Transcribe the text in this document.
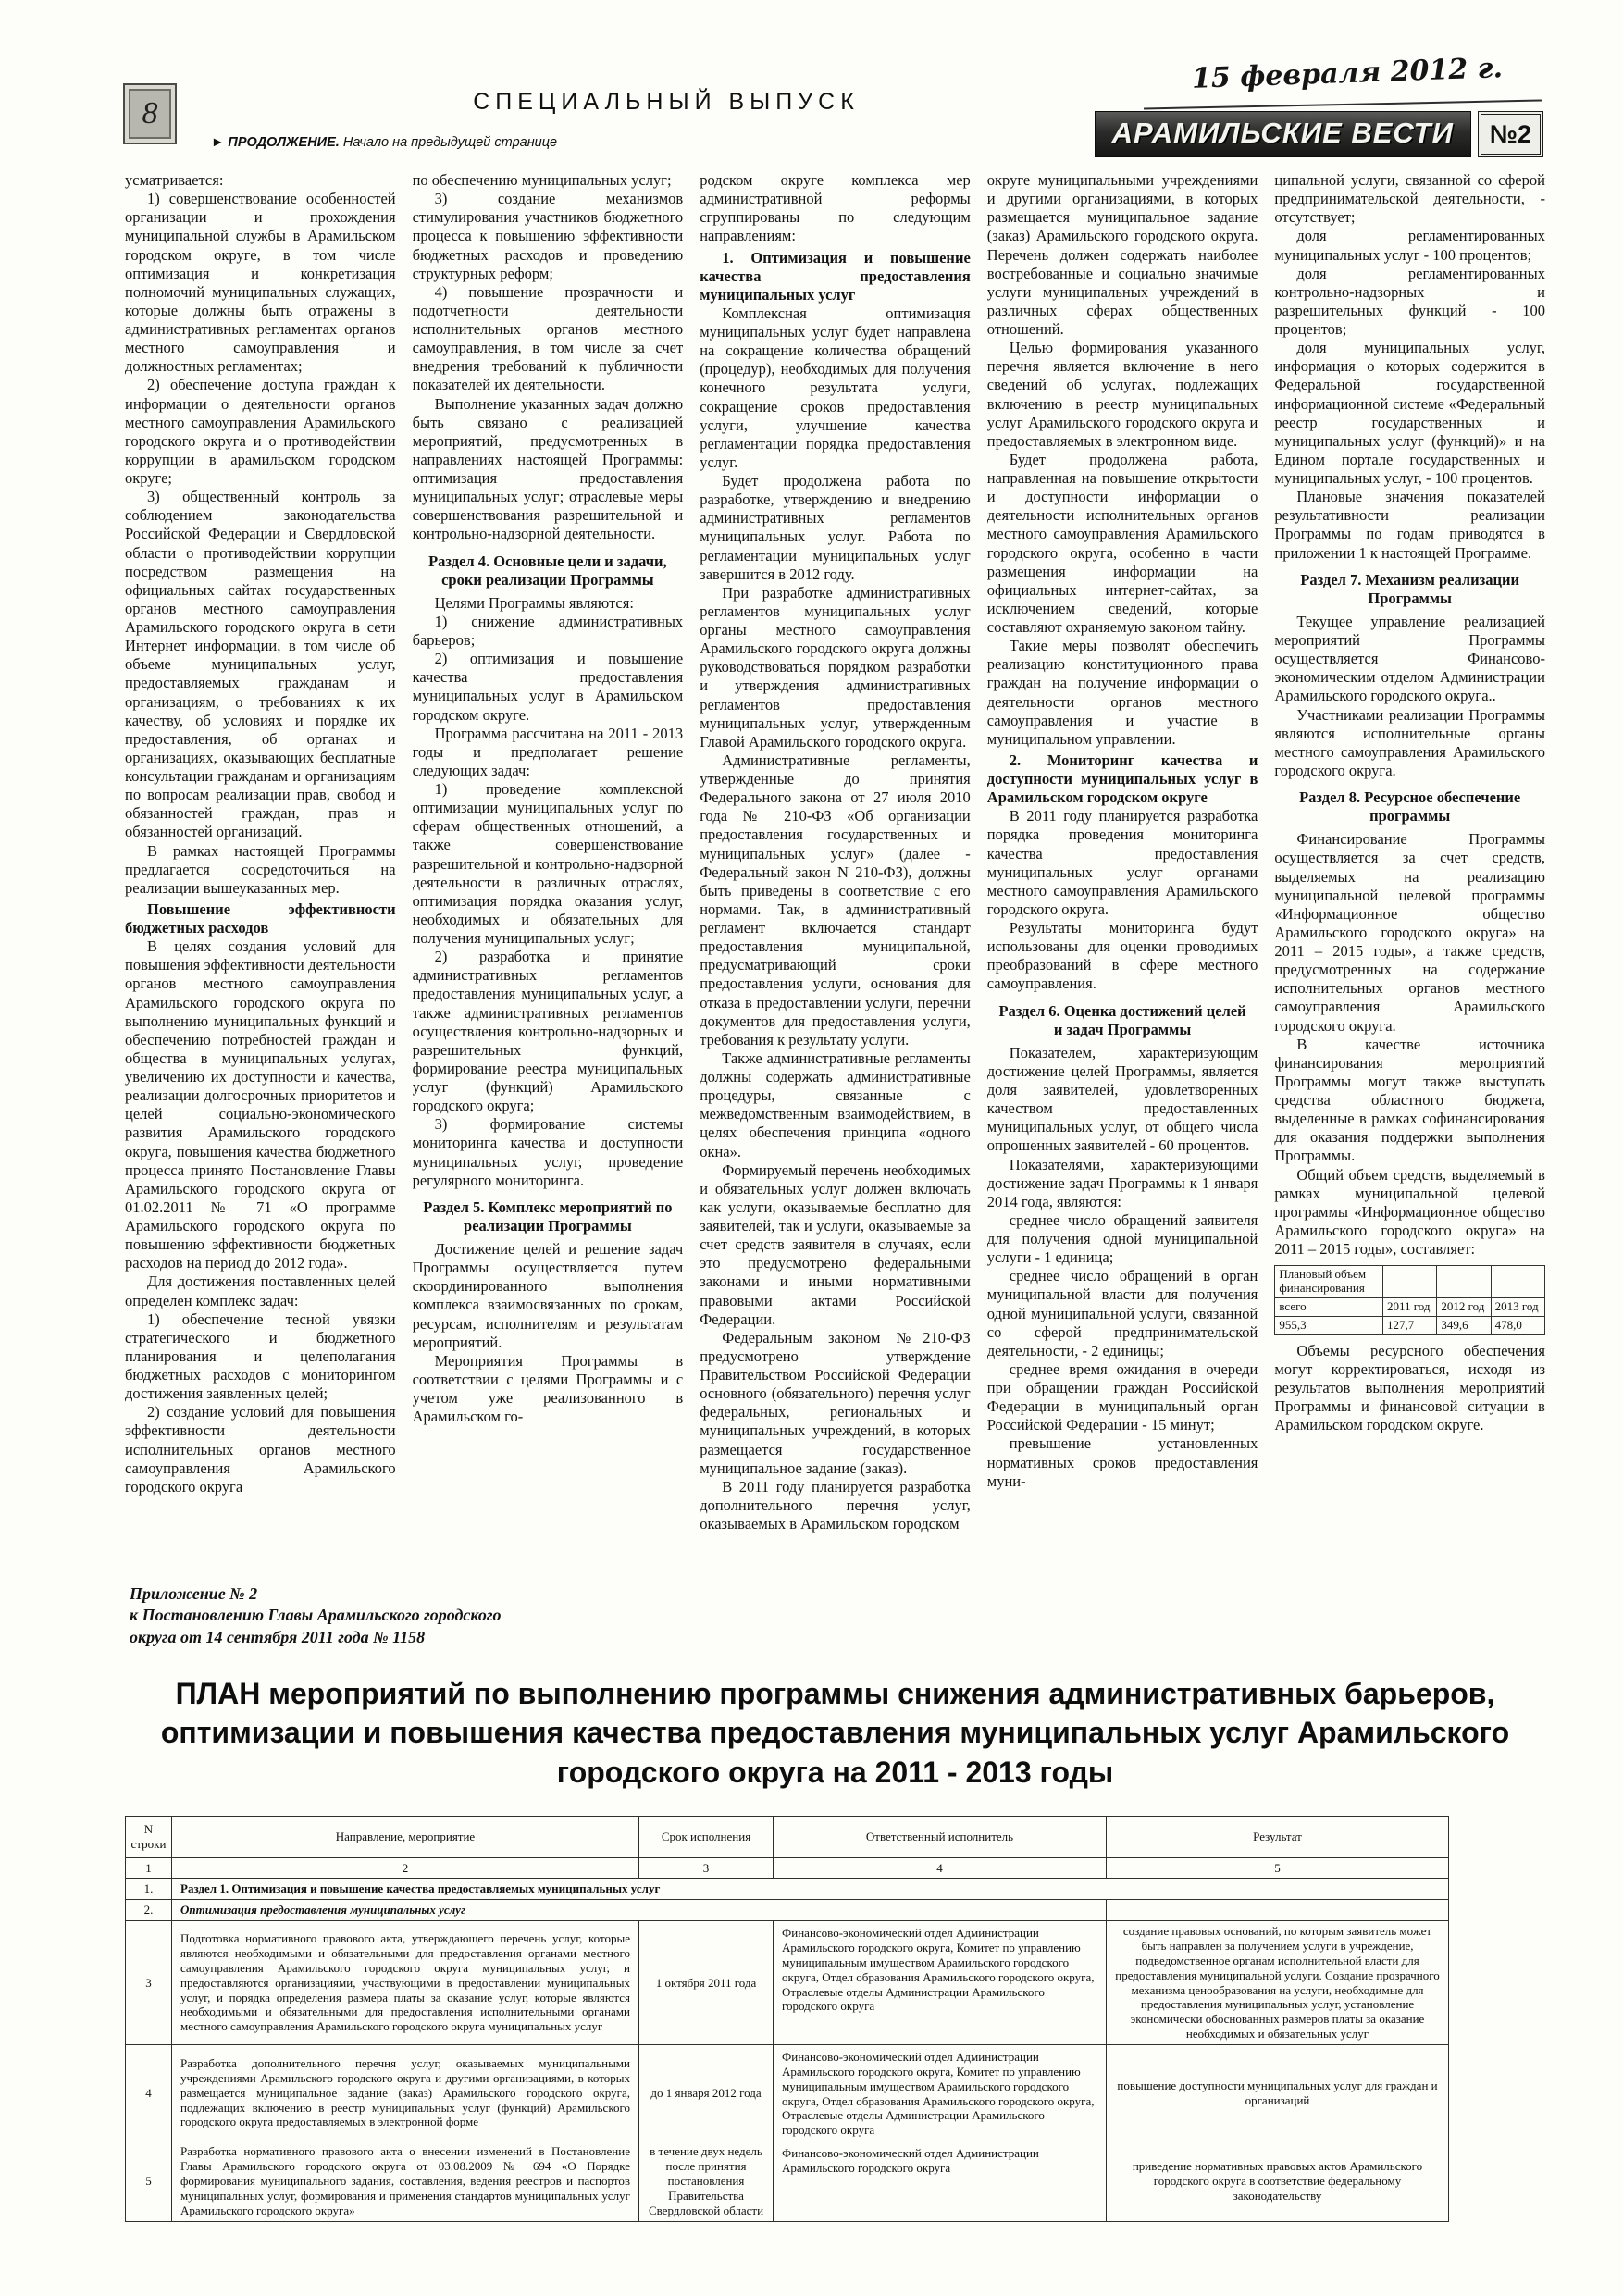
8	СПЕЦИАЛЬНЫЙ ВЫПУСК
► ПРОДОЛЖЕНИЕ. Начало на предыдущей странице
15 февраля 2012 г.
АРАМИЛЬСКИЕ ВЕСТИ	№2

усматривается:

1) совершенствование особенностей организации и прохождения муниципальной службы в Арамильском городском округе, в том числе оптимизация и конкретизация полномочий муниципальных служащих, которые должны быть отражены в административных регламентах органов местного самоуправления и должностных регламентах;

2) обеспечение доступа граждан к информации о деятельности органов местного самоуправления Арамильского городского округа и о противодействии коррупции в арамильском городском округе;

3) общественный контроль за соблюдением законодательства Российской Федерации и Свердловской области о противодействии коррупции посредством размещения на официальных сайтах государственных органов местного самоуправления Арамильского городского округа в сети Интернет информации, в том числе об объеме муниципальных услуг, предоставляемых гражданам и организациям, о требованиях к их качеству, об условиях и порядке их предоставления, об органах и организациях, оказывающих бесплатные консультации гражданам и организациям по вопросам реализации прав, свобод и обязанностей граждан, прав и обязанностей организаций.

В рамках настоящей Программы предлагается сосредоточиться на реализации вышеуказанных мер.

Повышение эффективности бюджетных расходов

В целях создания условий для повышения эффективности деятельности органов местного самоуправления Арамильского городского округа по выполнению муниципальных функций и обеспечению потребностей граждан и общества в муниципальных услугах, увеличению их доступности и качества, реализации долгосрочных приоритетов и целей социально-экономического развития Арамильского городского округа, повышения качества бюджетного процесса принято Постановление Главы Арамильского городского округа от 01.02.2011 № 71 «О программе Арамильского городского округа по повышению эффективности бюджетных расходов на период до 2012 года».

Для достижения поставленных целей определен комплекс задач:

1) обеспечение тесной увязки стратегического и бюджетного планирования и целеполагания бюджетных расходов с мониторингом достижения заявленных целей;

2) создание условий для повышения эффективности деятельности исполнительных органов местного самоуправления Арамильского городского округа

по обеспечению муниципальных услуг;

3) создание механизмов стимулирования участников бюджетного процесса к повышению эффективности бюджетных расходов и проведению структурных реформ;

4) повышение прозрачности и подотчетности деятельности исполнительных органов местного самоуправления, в том числе за счет внедрения требований к публичности показателей их деятельности.

Выполнение указанных задач должно быть связано с реализацией мероприятий, предусмотренных в направлениях настоящей Программы: оптимизация предоставления муниципальных услуг; отраслевые меры совершенствования разрешительной и контрольно-надзорной деятельности.

Раздел 4. Основные цели и задачи, сроки реализации Программы

Целями Программы являются:

1) снижение административных барьеров;

2) оптимизация и повышение качества предоставления муниципальных услуг в Арамильском городском округе.

Программа рассчитана на 2011 - 2013 годы и предполагает решение следующих задач:

1) проведение комплексной оптимизации муниципальных услуг по сферам общественных отношений, а также совершенствование разрешительной и контрольно-надзорной деятельности в различных отраслях, оптимизация порядка оказания услуг, необходимых и обязательных для получения муниципальных услуг;

2) разработка и принятие административных регламентов предоставления муниципальных услуг, а также административных регламентов осуществления контрольно-надзорных и разрешительных функций, формирование реестра муниципальных услуг (функций) Арамильского городского округа;

3) формирование системы мониторинга качества и доступности муниципальных услуг, проведение регулярного мониторинга.

Раздел 5. Комплекс мероприятий по реализации Программы

Достижение целей и решение задач Программы осуществляется путем скоординированного выполнения комплекса взаимосвязанных по срокам, ресурсам, исполнителям и результатам мероприятий.

Мероприятия Программы в соответствии с целями Программы и с учетом уже реализованного в Арамильском го-

родском округе комплекса мер административной реформы сгруппированы по следующим направлениям:

1. Оптимизация и повышение качества предоставления муниципальных услуг

Комплексная оптимизация муниципальных услуг будет направлена на сокращение количества обращений (процедур), необходимых для получения конечного результата услуги, сокращение сроков предоставления услуги, улучшение качества регламентации порядка предоставления услуг.

Будет продолжена работа по разработке, утверждению и внедрению административных регламентов муниципальных услуг. Работа по регламентации муниципальных услуг завершится в 2012 году.

При разработке административных регламентов муниципальных услуг органы местного самоуправления Арамильского городского округа должны руководствоваться порядком разработки и утверждения административных регламентов предоставления муниципальных услуг, утвержденным Главой Арамильского городского округа.

Административные регламенты, утвержденные до принятия Федерального закона от 27 июля 2010 года № 210-ФЗ «Об организации предоставления государственных и муниципальных услуг» (далее - Федеральный закон N 210-ФЗ), должны быть приведены в соответствие с его нормами. Так, в административный регламент включается стандарт предоставления муниципальной, предусматривающий сроки предоставления услуги, основания для отказа в предоставлении услуги, перечни документов для предоставления услуги, требования к результату услуги.

Также административные регламенты должны содержать административные процедуры, связанные с межведомственным взаимодействием, в целях обеспечения принципа «одного окна».

Формируемый перечень необходимых и обязательных услуг должен включать как услуги, оказываемые бесплатно для заявителей, так и услуги, оказываемые за счет средств заявителя в случаях, если это предусмотрено федеральными законами и иными нормативными правовыми актами Российской Федерации.

Федеральным законом №210-ФЗ предусмотрено утверждение Правительством Российской Федерации основного (обязательного) перечня услуг федеральных, региональных и муниципальных учреждений, в которых размещается государственное муниципальное задание (заказ).

В 2011 году планируется разработка дополнительного перечня услуг, оказываемых в Арамильском городском

округе муниципальными учреждениями и другими организациями, в которых размещается муниципальное задание (заказ) Арамильского городского округа. Перечень должен содержать наиболее востребованные и социально значимые услуги муниципальных учреждений в различных сферах общественных отношений.

Целью формирования указанного перечня является включение в него сведений об услугах, подлежащих включению в реестр муниципальных услуг Арамильского городского округа и предоставляемых в электронном виде.

Будет продолжена работа, направленная на повышение открытости и доступности информации о деятельности исполнительных органов местного самоуправления Арамильского городского округа, особенно в части размещения информации на официальных интернет-сайтах, за исключением сведений, которые составляют охраняемую законом тайну.

Такие меры позволят обеспечить реализацию конституционного права граждан на получение информации о деятельности органов местного самоуправления и участие в муниципальном управлении.

2. Мониторинг качества и доступности муниципальных услуг в Арамильском городском округе

В 2011 году планируется разработка порядка проведения мониторинга качества предоставления муниципальных услуг органами местного самоуправления Арамильского городского округа.

Результаты мониторинга будут использованы для оценки проводимых преобразований в сфере местного самоуправления.

Раздел 6. Оценка достижений целей и задач Программы

Показателем, характеризующим достижение целей Программы, является доля заявителей, удовлетворенных качеством предоставленных муниципальных услуг, от общего числа опрошенных заявителей - 60 процентов.

Показателями, характеризующими достижение задач Программы к 1 января 2014 года, являются:

среднее число обращений заявителя для получения одной муниципальной услуги - 1 единица;

среднее число обращений в орган муниципальной власти для получения одной муниципальной услуги, связанной со сферой предпринимательской деятельности, - 2 единицы;

среднее время ожидания в очереди при обращении граждан Российской Федерации в муниципальный орган Российской Федерации - 15 минут;

превышение установленных нормативных сроков предоставления муни-

ципальной услуги, связанной со сферой предпринимательской деятельности, - отсутствует;

доля регламентированных муниципальных услуг - 100 процентов;

доля регламентированных контрольно-надзорных и разрешительных функций - 100 процентов;

доля муниципальных услуг, информация о которых содержится в Федеральной государственной информационной системе «Федеральный реестр государственных и муниципальных услуг (функций)» и на Едином портале государственных и муниципальных услуг, - 100 процентов.

Плановые значения показателей результативности реализации Программы по годам приводятся в приложении 1 к настоящей Программе.

Раздел 7. Механизм реализации Программы

Текущее управление реализацией мероприятий Программы осуществляется Финансово-экономическим отделом Администрации Арамильского городского округа..

Участниками реализации Программы являются исполнительные органы местного самоуправления Арамильского городского округа.

Раздел 8. Ресурсное обеспечение программы

Финансирование Программы осуществляется за счет средств, выделяемых на реализацию муниципальной целевой программы «Информационное общество Арамильского городского округа» на 2011 – 2015 годы», а также средств, предусмотренных на содержание исполнительных органов местного самоуправления Арамильского городского округа.

В качестве источника финансирования мероприятий Программы могут также выступать средства областного бюджета, выделенные в рамках софинансирования для оказания поддержки выполнения Программы.

Общий объем средств, выделяемый в рамках муниципальной целевой программы «Информационное общество Арамильского городского округа» на 2011 – 2015 годы», составляет:

Плановый объем финансирования			
всего	2011 год	2012 год	2013 год
955,3	127,7	349,6	478,0

Объемы ресурсного обеспечения могут корректироваться, исходя из результатов выполнения мероприятий Программы и финансовой ситуации в Арамильском городском округе.

Приложение № 2
к Постановлению Главы Арамильского городского
округа от 14 сентября 2011 года № 1158
ПЛАН мероприятий по выполнению программы снижения административных барьеров, оптимизации и повышения качества предоставления муниципальных услуг Арамильского городского округа на 2011 - 2013 годы
N строки	Направление, мероприятие	Срок исполнения	Ответственный исполнитель	Результат
1	2	3	4	5
1.	Раздел 1. Оптимизация и повышение качества предоставляемых муниципальных услуг			
2.	Оптимизация предоставления муниципальных услуг			
3	Подготовка нормативного правового акта, утверждающего перечень услуг, которые являются необходимыми и обязательными для предоставления органами местного самоуправления Арамильского городского округа муниципальных услуг, и предоставляются организациями, участвующими в предоставлении муниципальных услуг, и порядка определения размера платы за оказание услуг, которые являются необходимыми и обязательными для предоставления исполнительными органами местного самоуправления Арамильского городского округа муниципальных услуг	1 октября 2011 года	Финансово-экономический отдел Администрации Арамильского городского округа, Комитет по управлению муниципальным имуществом Арамильского городского округа, Отдел образования Арамильского городского округа, Отраслевые отделы Администрации Арамильского городского округа	создание правовых оснований, по которым заявитель может быть направлен за получением услуги в учреждение, подведомственное органам исполнительной власти для предоставления муниципальной услуги. Создание прозрачного механизма ценообразования на услуги, необходимые для предоставления муниципальных услуг, установление экономически обоснованных размеров платы за оказание необходимых и обязательных услуг
4	Разработка дополнительного перечня услуг, оказываемых муниципальными учреждениями Арамильского городского округа и другими организациями, в которых размещается муниципальное задание (заказ) Арамильского городского округа, подлежащих включению в реестр муниципальных услуг (функций) Арамильского городского округа предоставляемых в электронной форме	до 1 января 2012 года	Финансово-экономический отдел Администрации Арамильского городского округа, Комитет по управлению муниципальным имуществом Арамильского городского округа, Отдел образования Арамильского городского округа, Отраслевые отделы Администрации Арамильского городского округа	повышение доступности муниципальных услуг для граждан и организаций
5	Разработка нормативного правового акта о внесении изменений в Постановление Главы Арамильского городского округа от 03.08.2009 № 694 «О Порядке формирования муниципального задания, составления, ведения реестров и паспортов муниципальных услуг, формирования и применения стандартов муниципальных услуг Арамильского городского округа»	в течение двух недель после принятия постановления Правительства Свердловской области	Финансово-экономический отдел Администрации Арамильского городского округа	приведение нормативных правовых актов Арамильского городского округа в соответствие федеральному законодательству
